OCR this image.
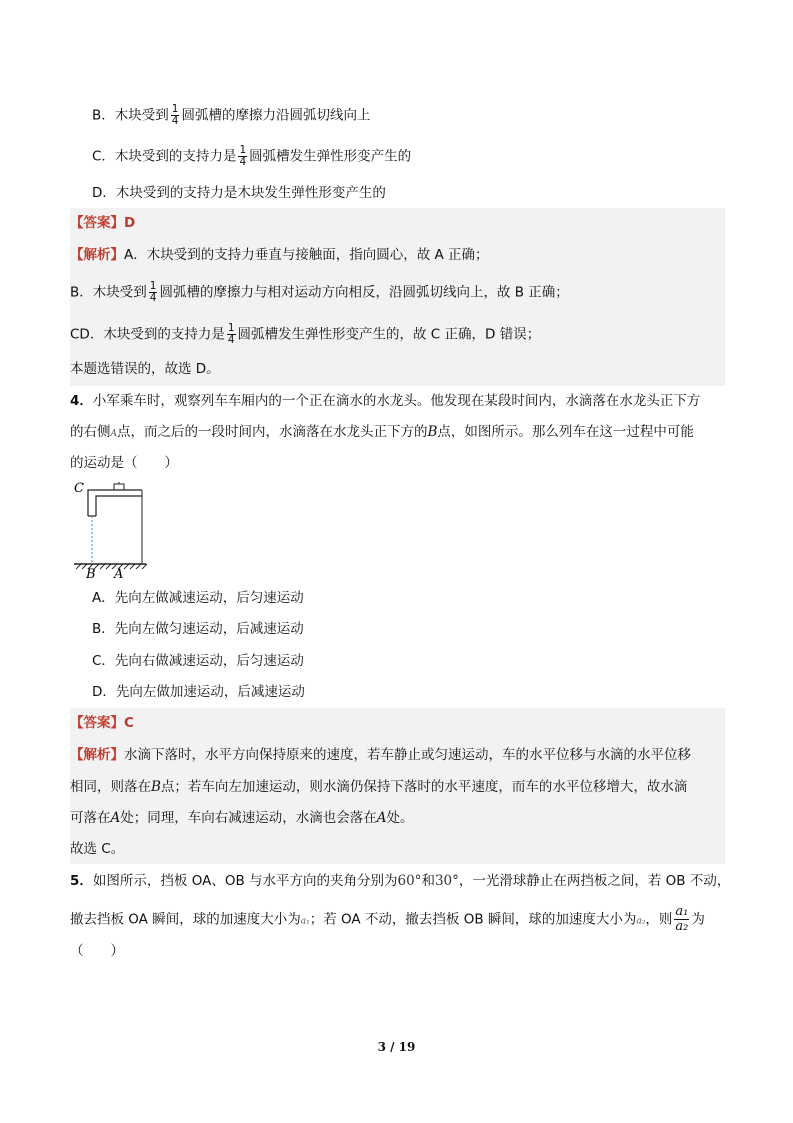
B．木块受到 $\frac{1}{4}$ 圆弧槽的摩擦力沿圆弧切线向上
C．木块受到的支持力是 $\frac{1}{4}$ 圆弧槽发生弹性形变产生的
D．木块受到的支持力是木块发生弹性形变产生的
【答案】D
【解析】A．木块受到的支持力垂直与接触面，指向圆心，故 A 正确；
B．木块受到 $\frac{1}{4}$ 圆弧槽的摩擦力与相对运动方向相反，沿圆弧切线向上，故 B 正确；
CD．木块受到的支持力是 $\frac{1}{4}$ 圆弧槽发生弹性形变产生的，故 C 正确，D 错误；
本题选错误的，故选 D。
4．小军乘车时，观察列车车厢内的一个正在滴水的水龙头。他发现在某段时间内，水滴落在水龙头正下方
的右侧A点，而之后的一段时间内，水滴落在水龙头正下方的B点，如图所示。那么列车在这一过程中可能
的运动是（　　）
C
B A
A．先向左做减速运动，后匀速运动
B．先向左做匀速运动，后减速运动
C．先向右做减速运动，后匀速运动
D．先向左做加速运动，后减速运动
【答案】C
【解析】水滴下落时，水平方向保持原来的速度，若车静止或匀速运动，车的水平位移与水滴的水平位移
相同，则落在B点；若车向左加速运动，则水滴仍保持下落时的水平速度，而车的水平位移增大，故水滴
可落在A处；同理，车向右减速运动，水滴也会落在A处。
故选 C。
5．如图所示，挡板 OA、OB 与水平方向的夹角分别为60°和30°，一光滑球静止在两挡板之间，若 OB 不动，
撤去挡板 OA 瞬间，球的加速度大小为a₁；若 OA 不动，撤去挡板 OB 瞬间，球的加速度大小为a₂，则 $\frac{\text{a₁}}{\text{a₂}}$ 为
（　　）
3 / 19
